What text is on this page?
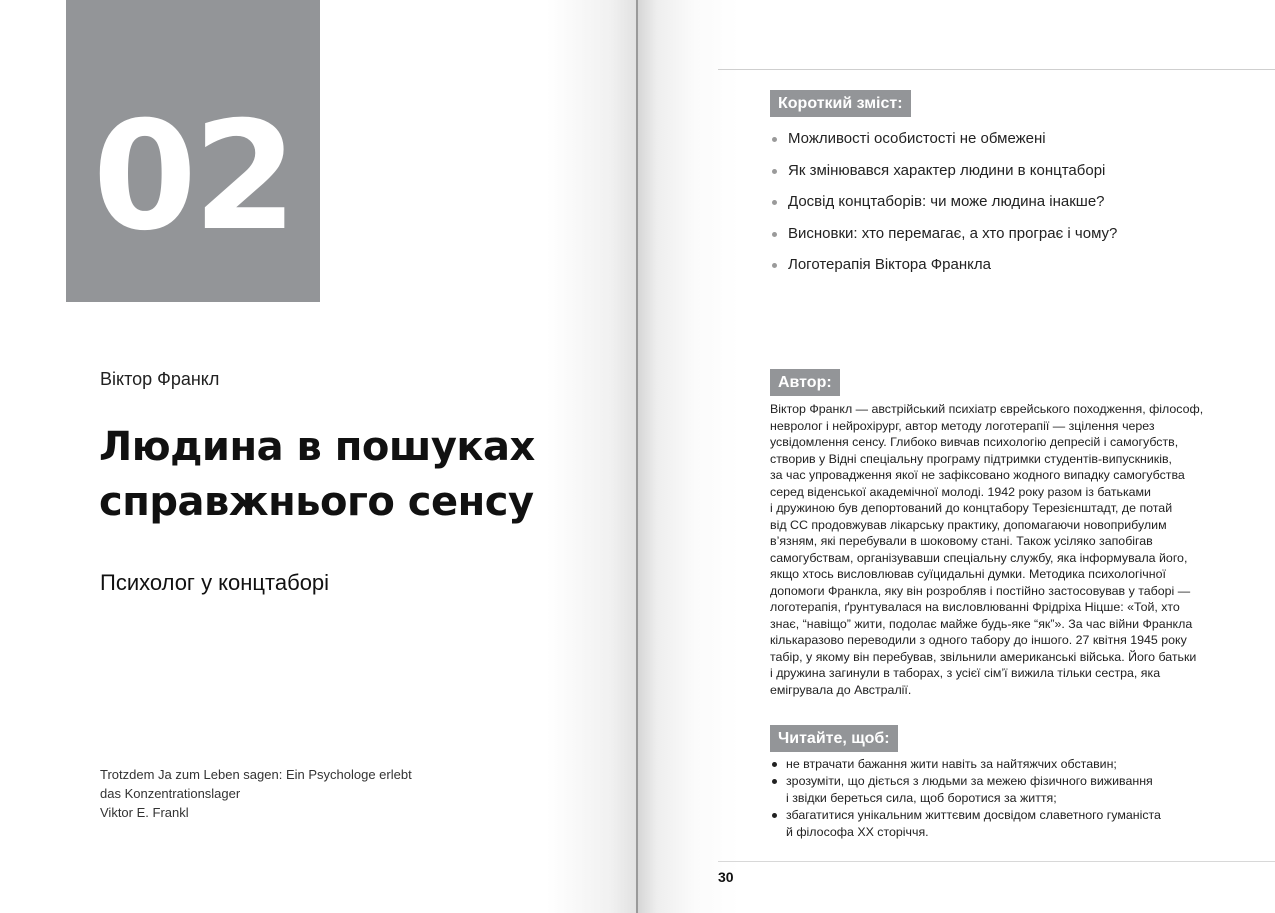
02
Віктор Франкл
Людина в пошуках справжнього сенсу
Психолог у концтаборі
Trotzdem Ja zum Leben sagen: Ein Psychologe erlebt
das Konzentrationslager
Viktor E. Frankl
Короткий зміст:
Можливості особистості не обмежені
Як змінювався характер людини в концтаборі
Досвід концтаборів: чи може людина інакше?
Висновки: хто перемагає, а хто програє і чому?
Логотерапія Віктора Франкла
Автор:
Віктор Франкл — австрійський психіатр єврейського походження, філософ,
невролог і нейрохірург, автор методу логотерапії — зцілення через
усвідомлення сенсу. Глибоко вивчав психологію депресій і самогубств,
створив у Відні спеціальну програму підтримки студентів-випускників,
за час упровадження якої не зафіксовано жодного випадку самогубства
серед віденської академічної молоді. 1942 року разом із батьками
і дружиною був депортований до концтабору Терезієнштадт, де потай
від СС продовжував лікарську практику, допомагаючи новоприбулим
в’язням, які перебували в шоковому стані. Також усіляко запобігав
самогубствам, організувавши спеціальну службу, яка інформувала його,
якщо хтось висловлював суїцидальні думки. Методика психологічної
допомоги Франкла, яку він розробляв і постійно застосовував у таборі —
логотерапія, ґрунтувалася на висловлюванні Фрідріха Ніцше: «Той, хто
знає, “навіщо” жити, подолає майже будь-яке “як”». За час війни Франкла
кількаразово переводили з одного табору до іншого. 27 квітня 1945 року
табір, у якому він перебував, звільнили американські війська. Його батьки
і дружина загинули в таборах, з усієї сім’ї вижила тільки сестра, яка
емігрувала до Австралії.
Читайте, щоб:
не втрачати бажання жити навіть за найтяжчих обставин;
зрозуміти, що діється з людьми за межею фізичного виживання
і звідки береться сила, щоб боротися за життя;
збагатитися унікальним життєвим досвідом славетного гуманіста
й філософа ХХ сторіччя.
30
